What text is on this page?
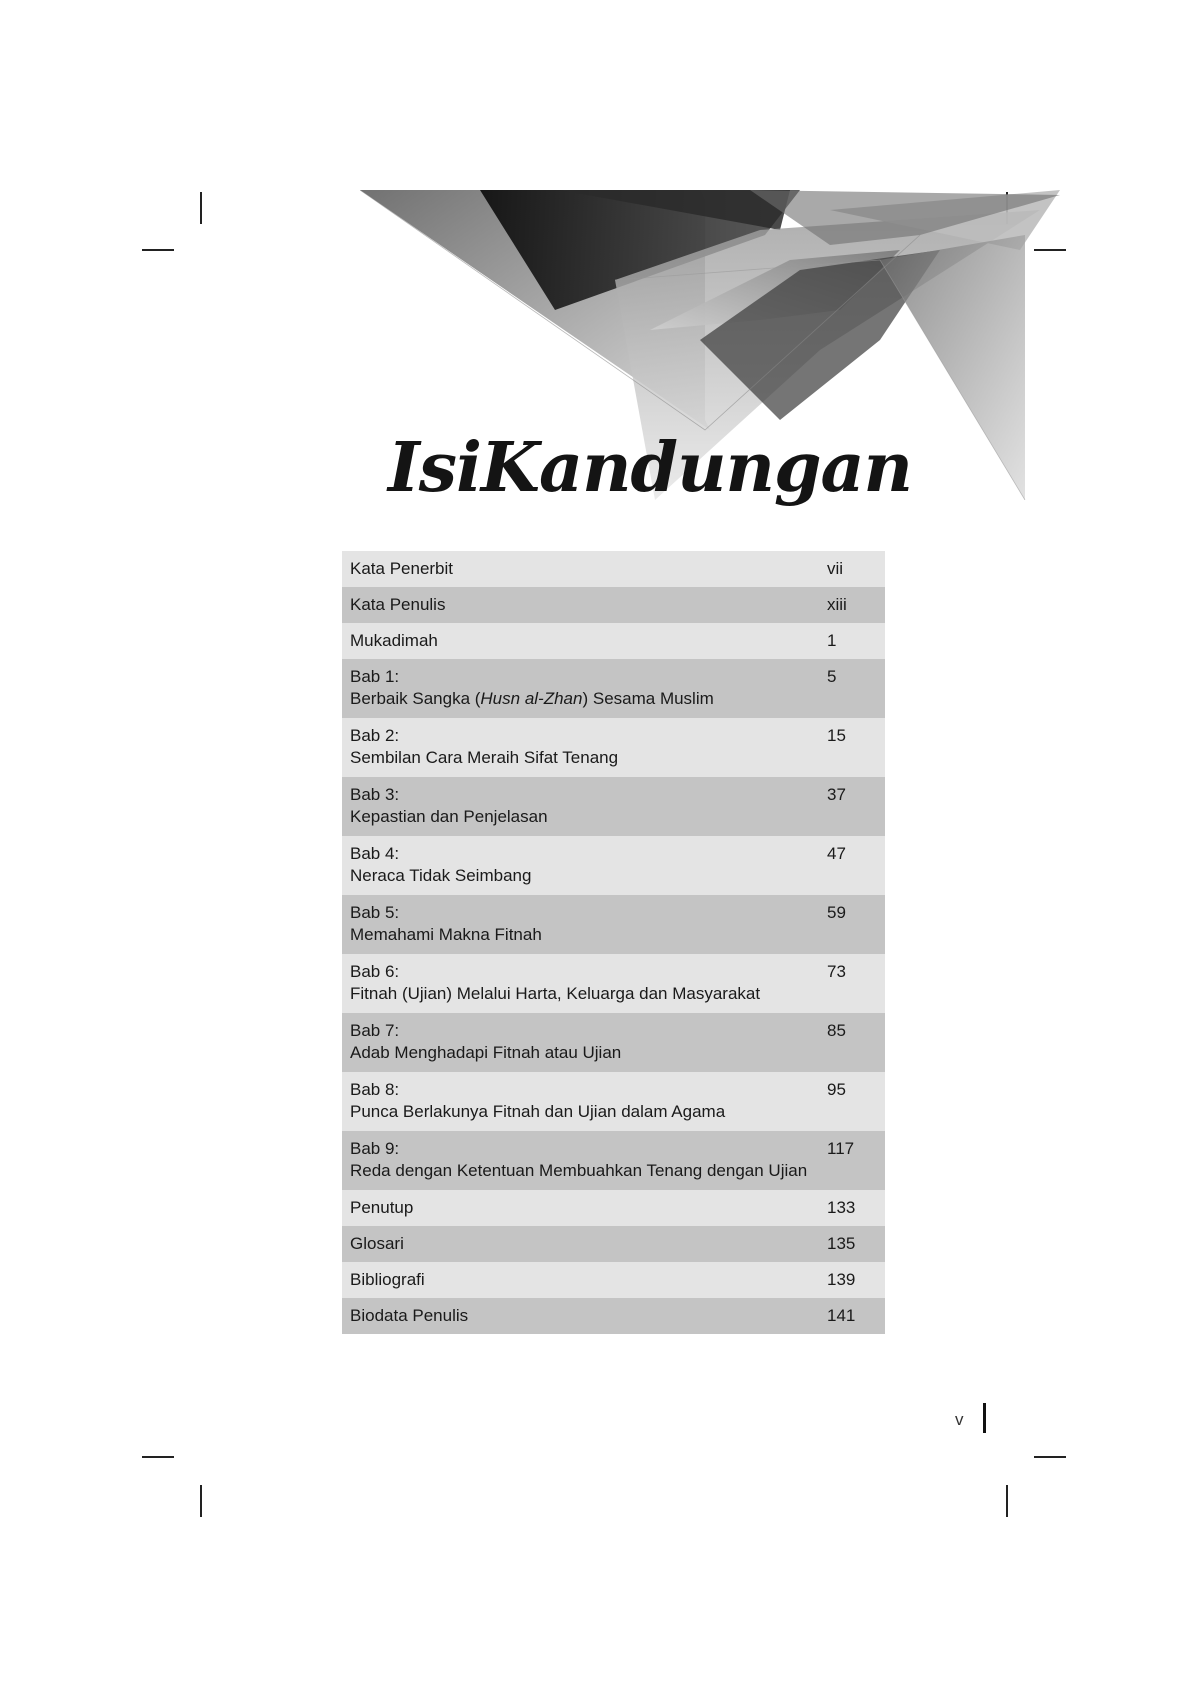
IsiKandungan
Kata Penerbit	vii
Kata Penulis	xiii
Mukadimah	1

Bab 1:
Berbaik Sangka (Husn al-Zhan) Sesama Muslim	5

Bab 2:
Sembilan Cara Meraih Sifat Tenang	15

Bab 3:
Kepastian dan Penjelasan	37

Bab 4:
Neraca Tidak Seimbang	47

Bab 5:
Memahami Makna Fitnah	59

Bab 6:
Fitnah (Ujian) Melalui Harta, Keluarga dan Masyarakat	73

Bab 7:
Adab Menghadapi Fitnah atau Ujian	85

Bab 8:
Punca Berlakunya Fitnah dan Ujian dalam Agama	95

Bab 9:
Reda dengan Ketentuan Membuahkan Tenang dengan Ujian	117
Penutup	133
Glosari	135
Bibliografi	139
Biodata Penulis	141
v
